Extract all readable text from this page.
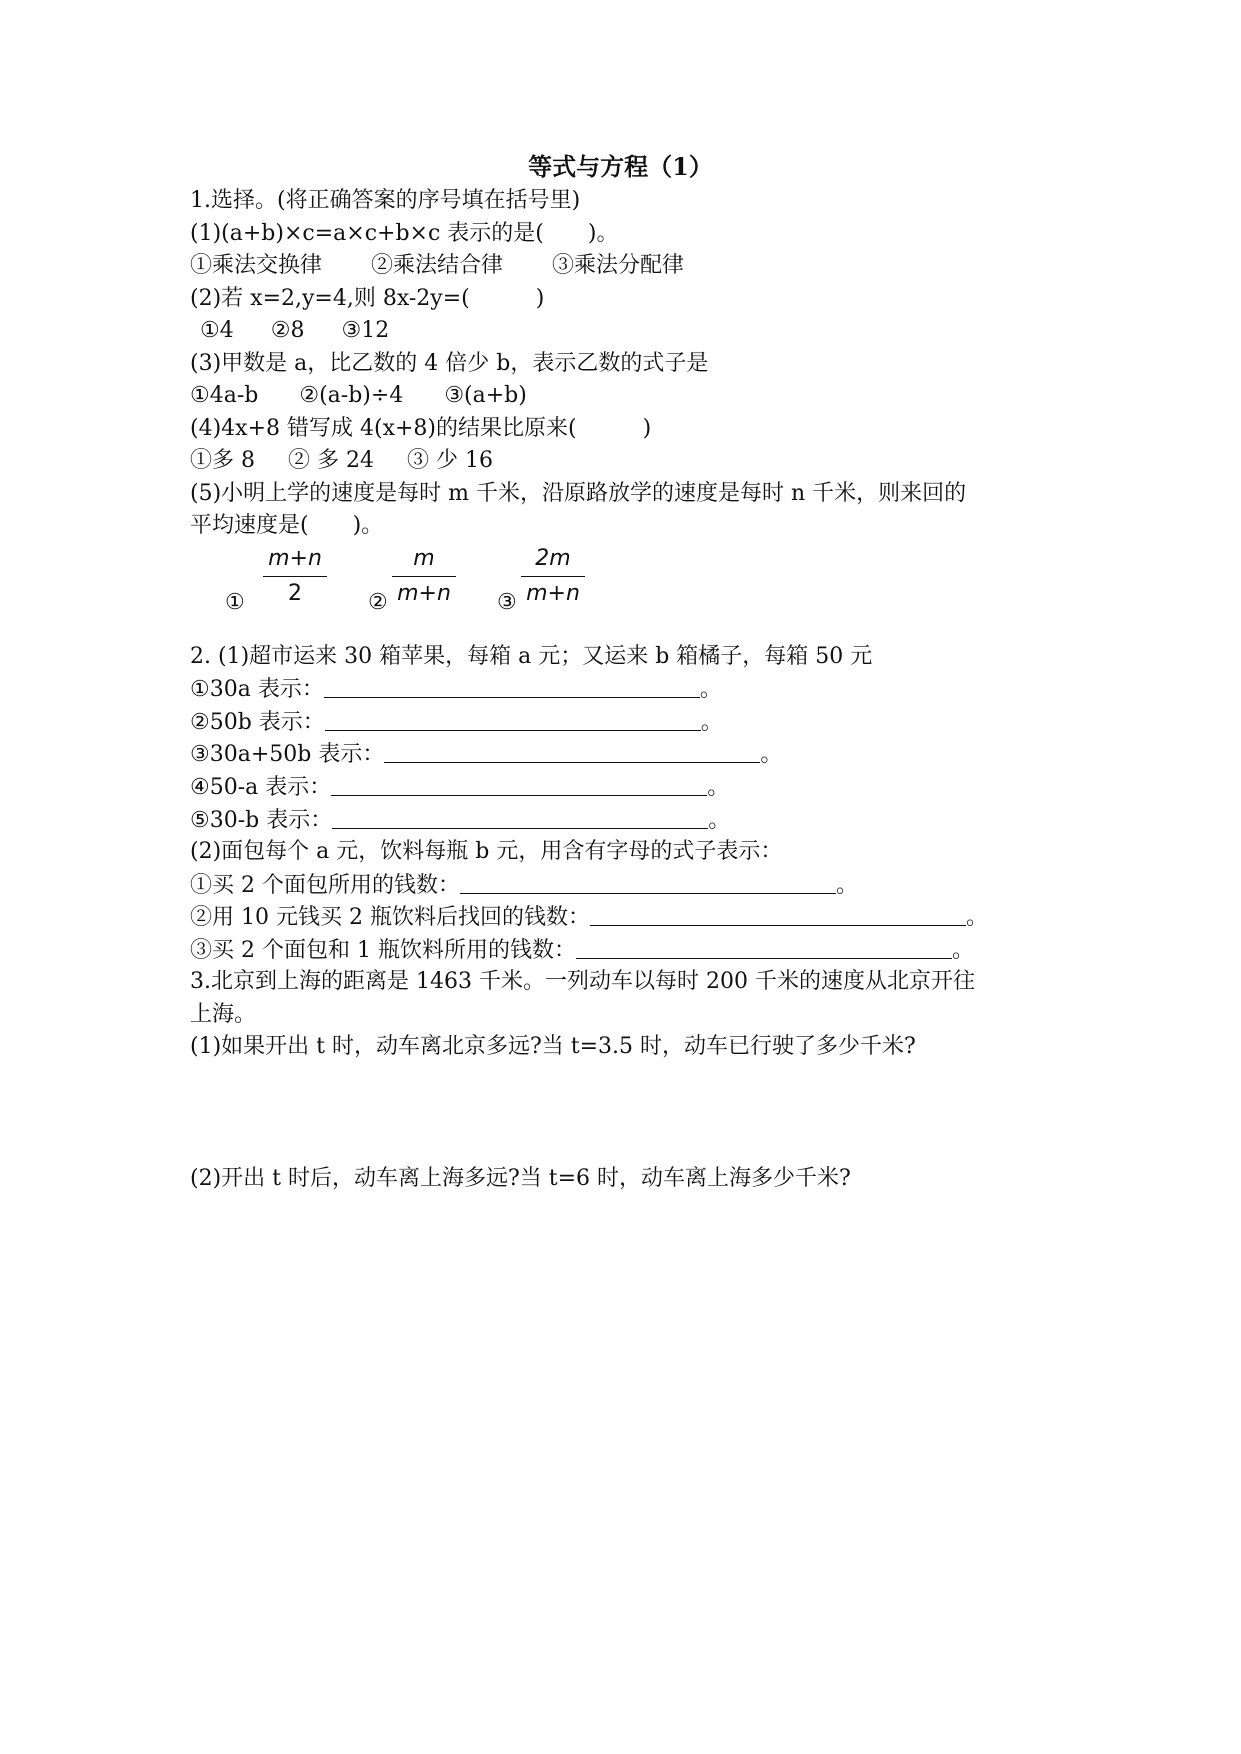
等式与方程（1）
1.选择。(将正确答案的序号填在括号里)
(1)(a+b)×c=a×c+b×c 表示的是(　　)。
①乘法交换律 ②乘法结合律 ③乘法分配律
(2)若 x=2,y=4,则 8x-2y=(　　　)
①4 ②8 ③12
(3)甲数是 a，比乙数的 4 倍少 b，表示乙数的式子是
①4a-b ②(a-b)÷4 ③(a+b)
(4)4x+8 错写成 4(x+8)的结果比原来(　　　)
①多 8 ② 多 24 ③ 少 16
(5)小明上学的速度是每时 m 千米，沿原路放学的速度是每时 n 千米，则来回的
平均速度是(　　)。
①
m+n
2	②
m
m+n ③
2m
m+n
2. (1)超市运来 30 箱苹果，每箱 a 元；又运来 b 箱橘子，每箱 50 元
①30a 表示：	。
②50b 表示：	。
③30a+50b 表示：	。
④50-a 表示：	。
⑤30-b 表示：	。
(2)面包每个 a 元，饮料每瓶 b 元，用含有字母的式子表示：
①买 2 个面包所用的钱数：	。
②用 10 元钱买 2 瓶饮料后找回的钱数：	。
③买 2 个面包和 1 瓶饮料所用的钱数：	。
3.北京到上海的距离是 1463 千米。一列动车以每时 200 千米的速度从北京开往
上海。
(1)如果开出 t 时，动车离北京多远?当 t=3.5 时，动车已行驶了多少千米?
(2)开出 t 时后，动车离上海多远?当 t=6 时，动车离上海多少千米?
